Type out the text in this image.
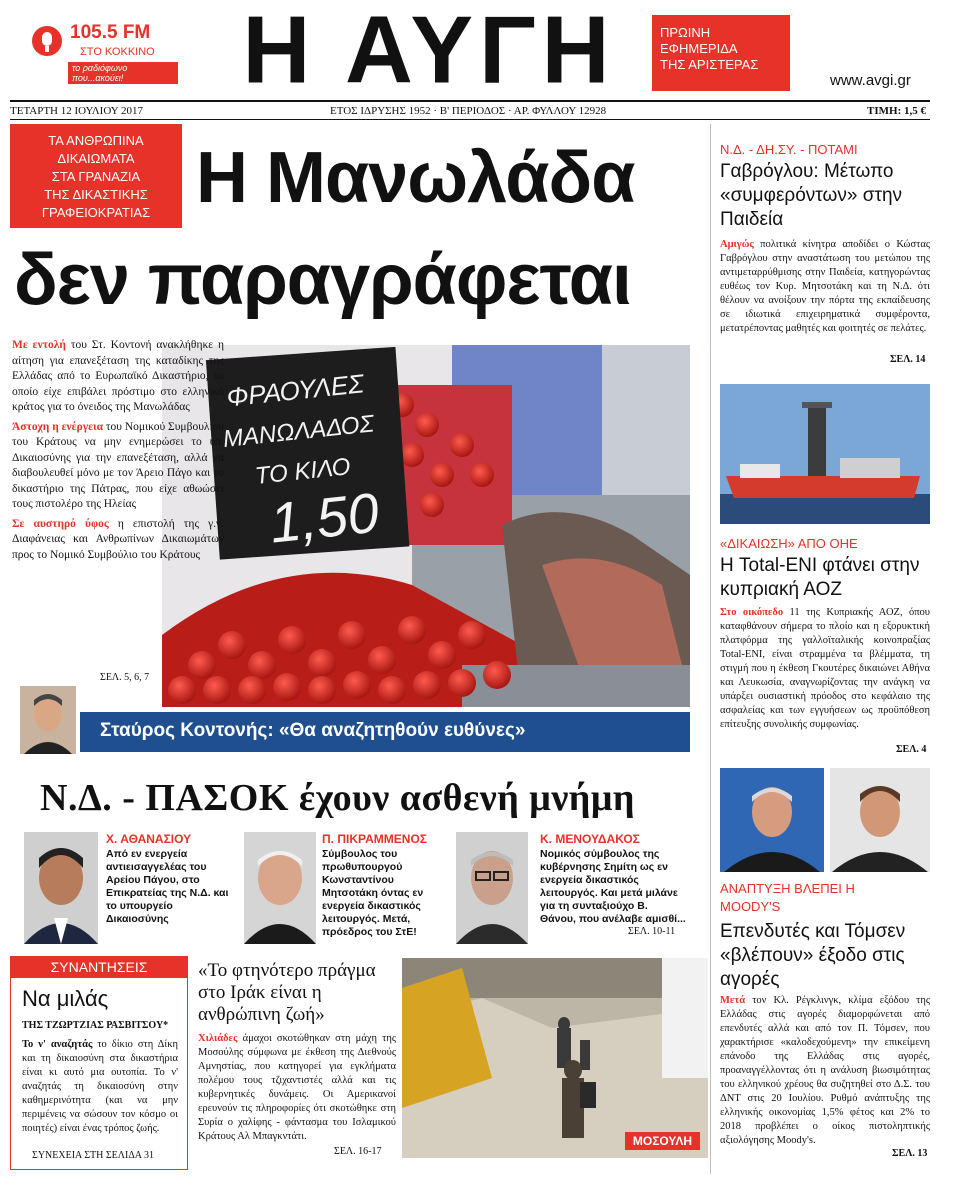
105.5 FM
ΣΤΟ ΚΟΚΚΙΝΟ
το ραδιόφωνο που...ακούει!	Η ΑΥΓΗ	ΠΡΩΙΝΗ
ΕΦΗΜΕΡΙΔΑ
ΤΗΣ ΑΡΙΣΤΕΡΑΣ
www.avgi.gr
ΤΕΤΑΡΤΗ 12 ΙΟΥΛΙΟΥ 2017	ΕΤΟΣ ΙΔΡΥΣΗΣ 1952 · Β' ΠΕΡΙΟΔΟΣ · ΑΡ. ΦΥΛΛΟΥ 12928	ΤΙΜΗ: 1,5 €
ΤΑ ΑΝΘΡΩΠΙΝΑ
ΔΙΚΑΙΩΜΑΤΑ
ΣΤΑ ΓΡΑΝΑΖΙΑ
ΤΗΣ ΔΙΚΑΣΤΙΚΗΣ
ΓΡΑΦΕΙΟΚΡΑΤΙΑΣ Η Μανωλάδα
δεν παραγράφεται
ΦΡΑΟΥΛΕΣ
ΜΑΝΩΛΑΔΟΣ
ΤΟ ΚΙΛΟ
1,50

Με εντολή του Στ. Κοντονή ανακλήθηκε η αίτηση για επανεξέταση της καταδίκης της Ελλάδας από το Ευρωπαϊκό Δικαστήριο, το οποίο είχε επιβάλει πρόστιμο στο ελληνικό κράτος για το όνειδος της Μανωλάδας

Άστοχη η ενέργεια του Νομικού Συμβουλίου του Κράτους να μην ενημερώσει το υπ. Δικαιοσύνης για την επανεξέταση, αλλά να διαβουλευθεί μόνο με τον Άρειο Πάγο και το δικαστήριο της Πάτρας, που είχε αθωώσει τους πιστολέρο της Ηλείας

Σε αυστηρό ύφος η επιστολή της γ.γ. Διαφάνειας και Ανθρωπίνων Δικαιωμάτων προς το Νομικό Συμβούλιο του Κράτους

ΣΕΛ. 5, 6, 7
Σταύρος Κοντονής: «Θα αναζητηθούν ευθύνες»
Ν.Δ. - ΠΑΣΟΚ έχουν ασθενή μνήμη
Χ. ΑΘΑΝΑΣΙΟΥ
Από εν ενεργεία αντιεισαγγελέας του Αρείου Πάγου, στο Επικρατείας της Ν.Δ. και το υπουργείο Δικαιοσύνης
Π. ΠΙΚΡΑΜΜΕΝΟΣ
Σύμβουλος του πρωθυπουργού Κωνσταντίνου Μητσοτάκη όντας εν ενεργεία δικαστικός λειτουργός. Μετά, πρόεδρος του ΣτΕ!
Κ. ΜΕΝΟΥΔΑΚΟΣ
Νομικός σύμβουλος της κυβέρνησης Σημίτη ως εν ενεργεία δικαστικός λειτουργός. Και μετά μιλάνε για τη συνταξιούχο Β. Θάνου, που ανέλαβε αμισθί...
ΣΕΛ. 10-11
ΣΥΝΑΝΤΗΣΕΙΣ
Να μιλάς
ΤΗΣ ΤΖΩΡΤΖΙΑΣ ΡΑΣΒΙΤΣΟΥ*

Το ν' αναζητάς το δίκιο στη Δίκη και τη δικαιοσύνη στα δικαστήρια είναι κι αυτό μια ουτοπία. Το ν' αναζητάς τη δικαιοσύνη στην καθημερινότητα (και να μην περιμένεις να σώσουν τον κόσμο οι ποιητές) είναι ένας τρόπος ζωής.

ΣΥΝΕΧΕΙΑ ΣΤΗ ΣΕΛΙΔΑ 31
«Το φτηνότερο πράγμα στο Ιράκ είναι η ανθρώπινη ζωή»

Χιλιάδες άμαχοι σκοτώθηκαν στη μάχη της Μοσούλης σύμφωνα με έκθεση της Διεθνούς Αμνηστίας, που κατηγορεί για εγκλήματα πολέμου τους τζιχαντιστές αλλά και τις κυβερνητικές δυνάμεις. Οι Αμερικανοί ερευνούν τις πληροφορίες ότι σκοτώθηκε στη Συρία ο χαλίφης - φάντασμα του Ισλαμικού Κράτους Αλ Μπαγκντάτι.

ΣΕΛ. 16-17
ΜΟΣΟΥΛΗ
Ν.Δ. - ΔΗ.ΣΥ. - ΠΟΤΑΜΙ
Γαβρόγλου: Μέτωπο «συμφερόντων» στην Παιδεία

Αμιγώς πολιτικά κίνητρα αποδίδει ο Κώστας Γαβρόγλου στην αναστάτωση του μετώπου της αντιμεταρρύθμισης στην Παιδεία, κατηγορώντας ευθέως τον Κυρ. Μητσοτάκη και τη Ν.Δ. ότι θέλουν να ανοίξουν την πόρτα της εκπαίδευσης σε ιδιωτικά επιχειρηματικά συμφέροντα, μετατρέποντας μαθητές και φοιτητές σε πελάτες.

ΣΕΛ. 14
«ΔΙΚΑΙΩΣΗ» ΑΠΟ ΟΗΕ
Η Total-ENI φτάνει στην κυπριακή ΑΟΖ

Στο οικόπεδο 11 της Κυπριακής ΑΟΖ, όπου καταφθάνουν σήμερα το πλοίο και η εξορυκτική πλατφόρμα της γαλλοϊταλικής κοινοπραξίας Total-ENI, είναι στραμμένα τα βλέμματα, τη στιγμή που η έκθεση Γκουτέρες δικαιώνει Αθήνα και Λευκωσία, αναγνωρίζοντας την ανάγκη να υπάρξει ουσιαστική πρόοδος στο κεφάλαιο της ασφαλείας και των εγγυήσεων ως προϋπόθεση επίτευξης συνολικής συμφωνίας.

ΣΕΛ. 4
ΑΝΑΠΤΥΞΗ ΒΛΕΠΕΙ Η MOODY'S
Επενδυτές και Τόμσεν «βλέπουν» έξοδο στις αγορές

Μετά τον Κλ. Ρέγκλινγκ, κλίμα εξόδου της Ελλάδας στις αγορές διαμορφώνεται από επενδυτές αλλά και από τον Π. Τόμσεν, που χαρακτήρισε «καλοδεχούμενη» την επικείμενη επάνοδο της Ελλάδας στις αγορές, προαναγγέλλοντας ότι η ανάλυση βιωσιμότητας του ελληνικού χρέους θα συζητηθεί στο Δ.Σ. του ΔΝΤ στις 20 Ιουλίου. Ρυθμό ανάπτυξης της ελληνικής οικονομίας 1,5% φέτος και 2% το 2018 προβλέπει ο οίκος πιστοληπτικής αξιολόγησης Moody's.

ΣΕΛ. 13
